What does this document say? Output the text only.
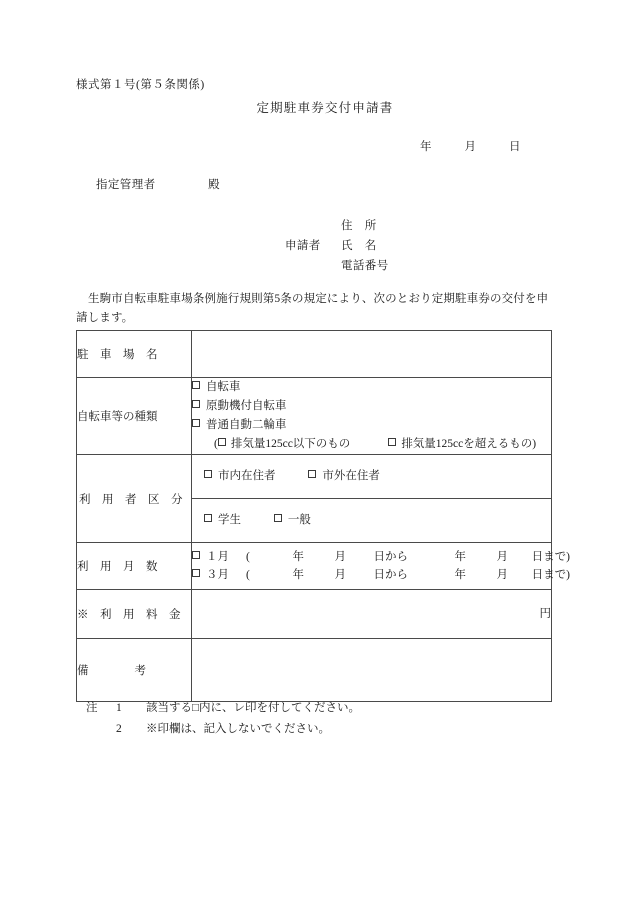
様式第１号(第５条関係)
定期駐車券交付申請書
年	月	日
指定管理者	殿
住　所
申請者 氏　名
電話番号
生駒市自転車駐車場条例施行規則第5条の規定により、次のとおり定期駐車券の交付を申請します。
駐　車　場　名	

自転車等の種類	自転車
原動機付自転車
普通自動二輪車
( 排気量125cc以下のもの 排気量125ccを超えるもの)

利　用　者　区　分	市内在住者 市外在住者
	学生 一般

利　用　月　数	１月 ( 年 月 日から 年 月 日まで)
３月 ( 年 月 日から 年 月 日まで)

※　利　用　料　金	円

備　　　　考	

注 1 該当する□内に、レ印を付してください。
2 ※印欄は、記入しないでください。
